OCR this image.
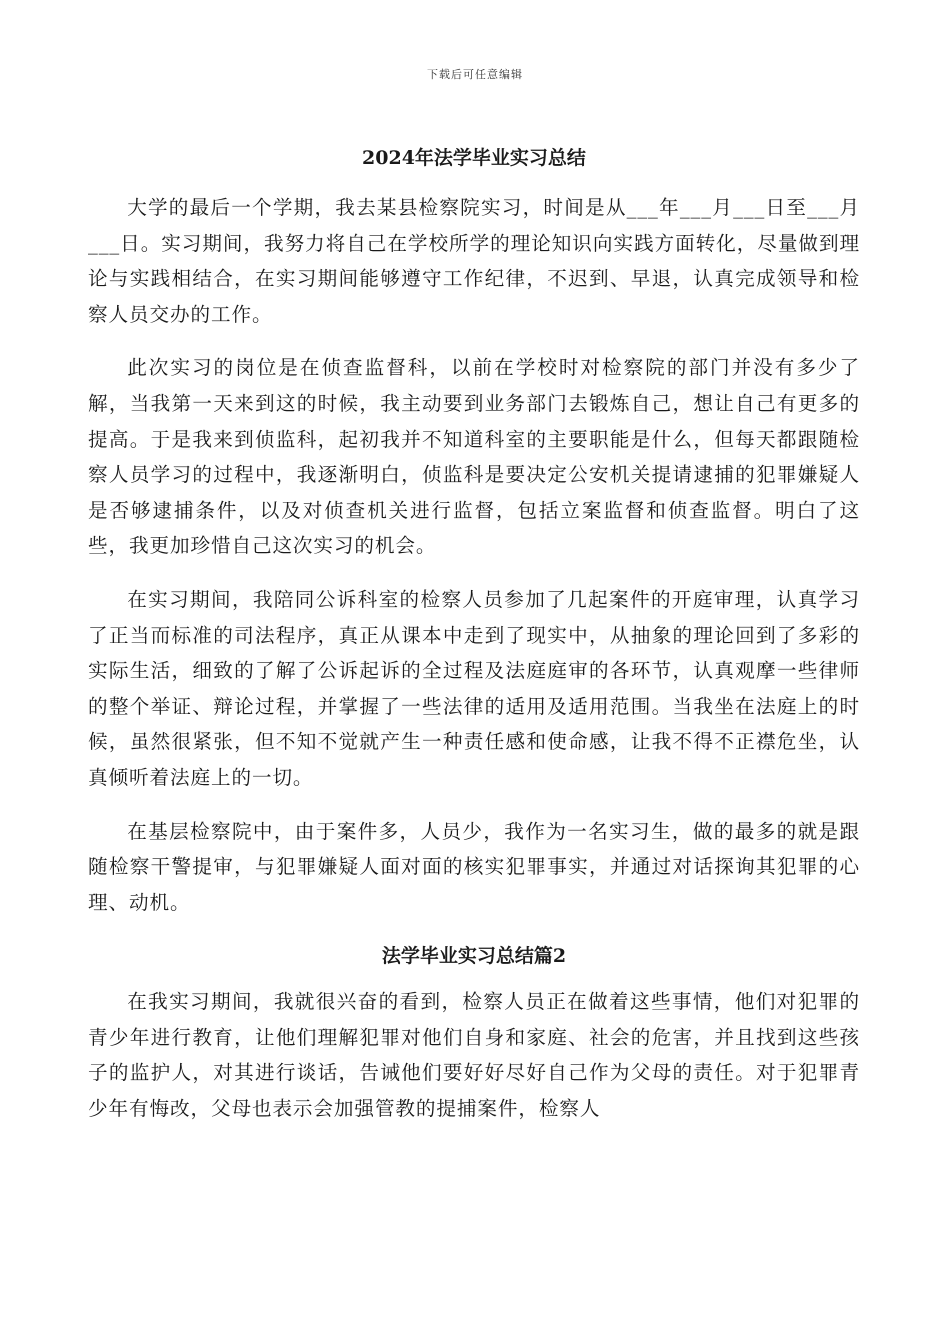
下载后可任意编辑
2024年法学毕业实习总结

大学的最后一个学期，我去某县检察院实习，时间是从___年___月___日至___月___日。实习期间，我努力将自己在学校所学的理论知识向实践方面转化，尽量做到理论与实践相结合，在实习期间能够遵守工作纪律，不迟到、早退，认真完成领导和检察人员交办的工作。

此次实习的岗位是在侦查监督科，以前在学校时对检察院的部门并没有多少了解，当我第一天来到这的时候，我主动要到业务部门去锻炼自己，想让自己有更多的提高。于是我来到侦监科，起初我并不知道科室的主要职能是什么，但每天都跟随检察人员学习的过程中，我逐渐明白，侦监科是要决定公安机关提请逮捕的犯罪嫌疑人是否够逮捕条件，以及对侦查机关进行监督，包括立案监督和侦查监督。明白了这些，我更加珍惜自己这次实习的机会。

在实习期间，我陪同公诉科室的检察人员参加了几起案件的开庭审理，认真学习了正当而标准的司法程序，真正从课本中走到了现实中，从抽象的理论回到了多彩的实际生活，细致的了解了公诉起诉的全过程及法庭庭审的各环节，认真观摩一些律师的整个举证、辩论过程，并掌握了一些法律的适用及适用范围。当我坐在法庭上的时候，虽然很紧张，但不知不觉就产生一种责任感和使命感，让我不得不正襟危坐，认真倾听着法庭上的一切。

在基层检察院中，由于案件多，人员少，我作为一名实习生，做的最多的就是跟随检察干警提审，与犯罪嫌疑人面对面的核实犯罪事实，并通过对话探询其犯罪的心理、动机。

法学毕业实习总结篇2

在我实习期间，我就很兴奋的看到，检察人员正在做着这些事情，他们对犯罪的青少年进行教育，让他们理解犯罪对他们自身和家庭、社会的危害，并且找到这些孩子的监护人，对其进行谈话，告诫他们要好好尽好自己作为父母的责任。对于犯罪青少年有悔改，父母也表示会加强管教的提捕案件，检察人
